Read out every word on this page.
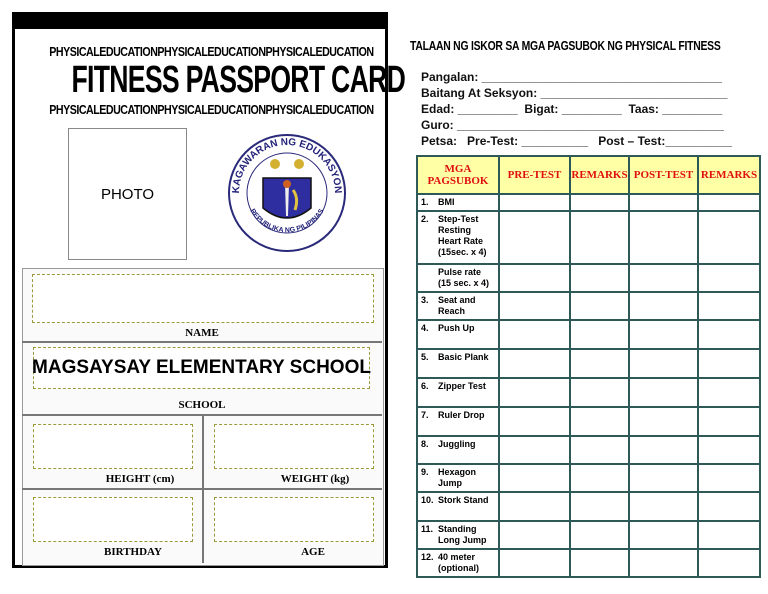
PHYSICALEDUCATIONPHYSICALEDUCATIONPHYSICALEDUCATION
FITNESS PASSPORT CARD
PHYSICALEDUCATIONPHYSICALEDUCATIONPHYSICALEDUCATION
PHOTO	KAGAWARAN NG EDUKASYON
REPUBLIKA NG PILIPINAS
NAME
MAGSAYSAY ELEMENTARY SCHOOL
SCHOOL
HEIGHT (cm)	WEIGHT (kg)
BIRTHDAY	AGE
TALAAN NG ISKOR SA MGA PAGSUBOK NG PHYSICAL FITNESS
Pangalan: ____________________________________
Baitang At Seksyon: ____________________________
Edad: _________  Bigat: _________  Taas: _________
Guro: ________________________________________
Petsa:   Pre-Test: __________   Post – Test:__________
MGA PAGSUBOK	PRE-TEST	REMARKS	POST-TEST	REMARKS
1. BMI				
2. Step-Test Resting Heart Rate (15sec. x 4)				
Pulse rate (15 sec. x 4)				
3. Seat and Reach				
4. Push Up				
5. Basic Plank				
6. Zipper Test				
7. Ruler Drop				
8. Juggling				
9. Hexagon Jump				
10. Stork Stand				
11. Standing Long Jump				
12. 40 meter (optional)				
